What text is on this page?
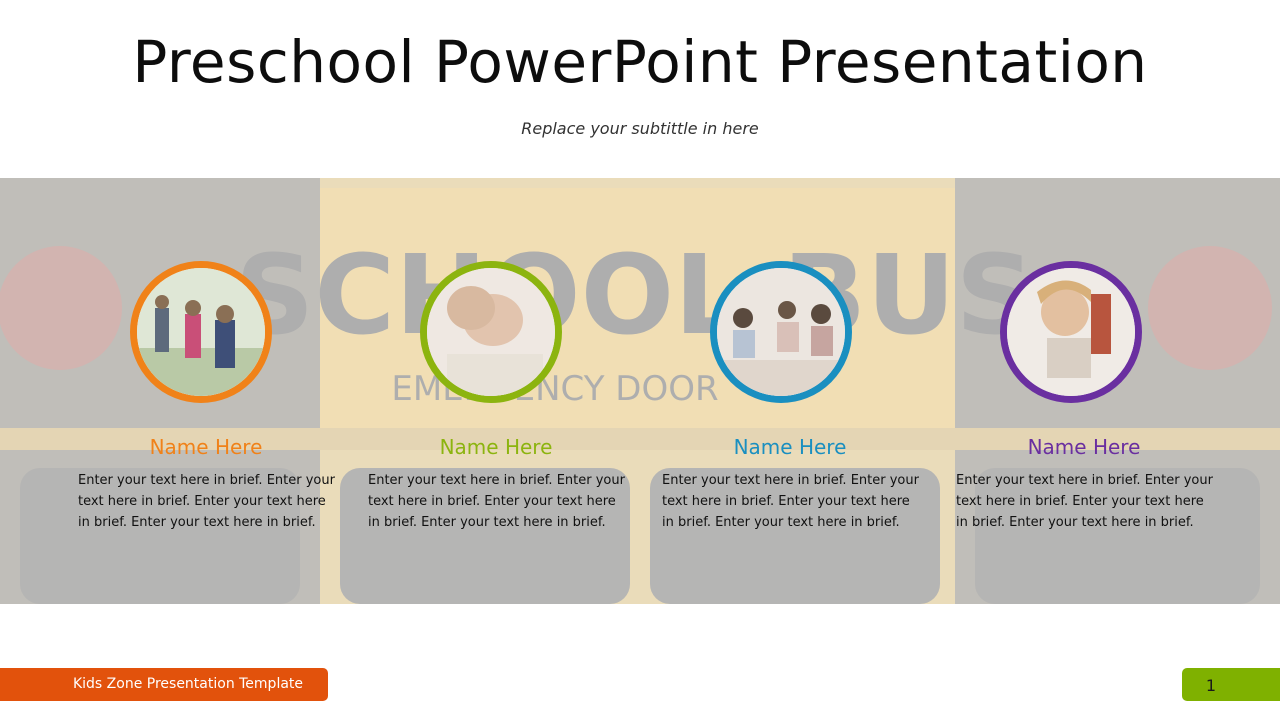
Preschool PowerPoint Presentation
Replace your subtittle in here
Name Here
Enter your text here in brief. Enter your text here in brief. Enter your text here in brief. Enter your text here in brief.
Name Here
Enter your text here in brief. Enter your text here in brief. Enter your text here in brief. Enter your text here in brief.
Name Here
Enter your text here in brief. Enter your text here in brief. Enter your text here in brief. Enter your text here in brief.
Name Here
Enter your text here in brief. Enter your text here in brief. Enter your text here in brief. Enter your text here in brief.
Kids Zone Presentation Template	1
